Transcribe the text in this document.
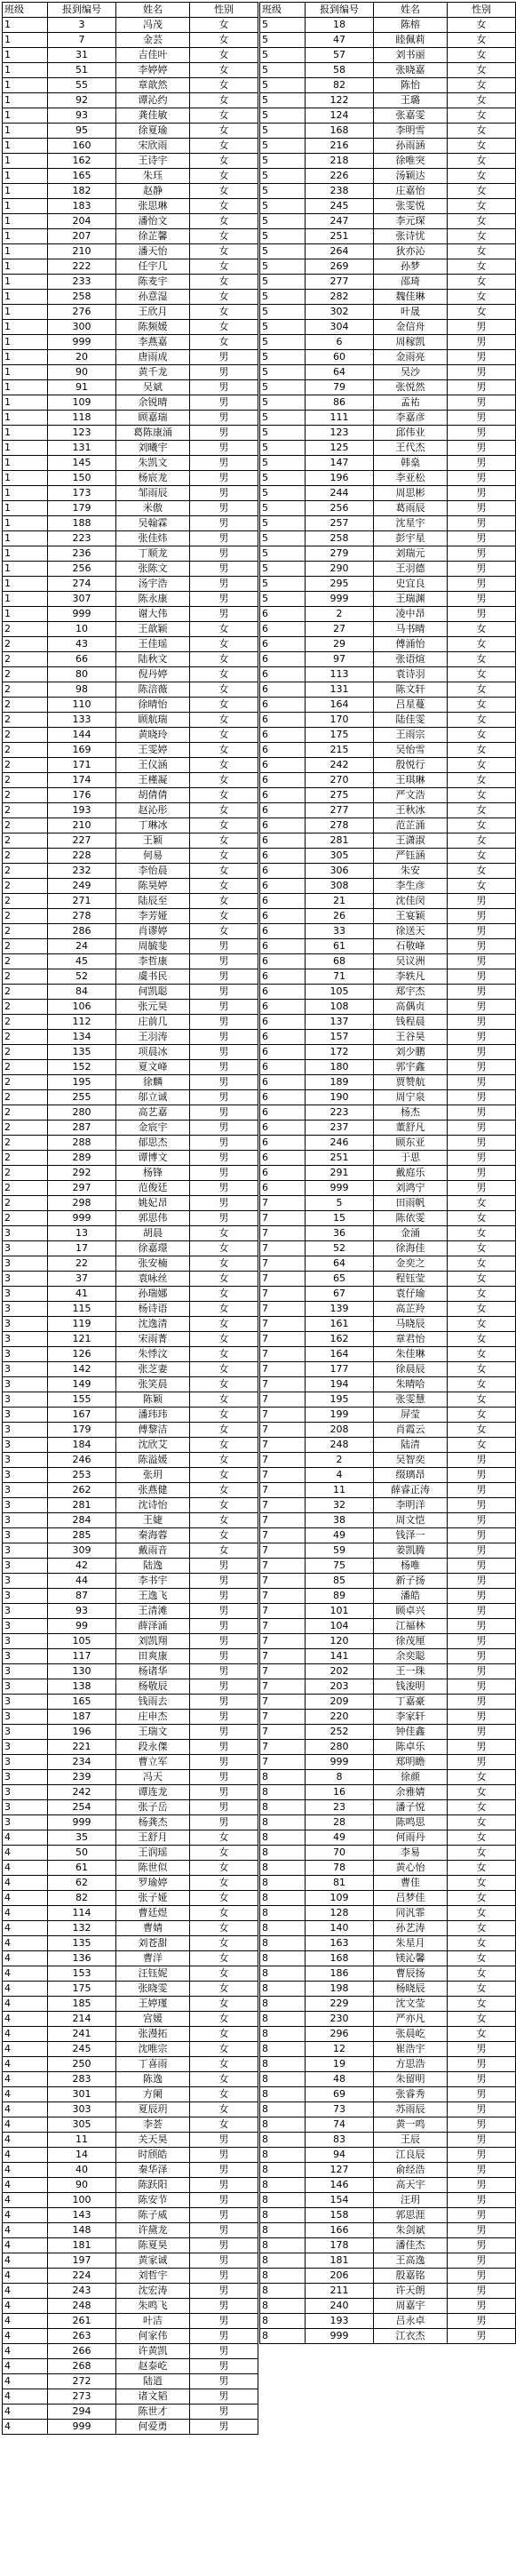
班级	报到编号	姓名	性别
1	3	冯茂	女
1	7	金芸	女
1	31	吉佳叶	女
1	51	李婷婷	女
1	55	章歆然	女
1	92	谭沁约	女
1	93	龚佳敏	女
1	95	徐夏瑜	女
1	160	宋欣雨	女
1	162	王诗宇	女
1	165	朱珏	女
1	182	赵静	女
1	183	张思琳	女
1	204	潘怡文	女
1	207	徐芷馨	女
1	210	潘天怡	女
1	222	任宇几	女
1	233	陈麦宇	女
1	258	孙意湿	女
1	276	王欣月	女
1	300	陈频媛	女
1	999	李燕嘉	女
1	20	唐雨成	男
1	90	黄千龙	男
1	91	吴斌	男
1	109	余锐晴	男
1	118	顾嘉瑞	男
1	123	葛陈康涌	男
1	131	刘曦宇	男
1	145	朱凯文	男
1	150	杨宸龙	男
1	173	邹雨辰	男
1	179	米傲	男
1	188	吴翰霖	男
1	223	张佳炜	男
1	236	丁顺龙	男
1	256	张陈文	男
1	274	汤宇浩	男
1	307	陈永康	男
1	999	谢大伟	男
2	10	王歆颖	女
2	43	王佳瑶	女
2	66	陆秋文	女
2	80	倪丹婷	女
2	98	陈涪薇	女
2	110	徐晴怡	女
2	133	顾航瑞	女
2	144	黄晓玲	女
2	169	王雯婷	女
2	171	王仪涵	女
2	174	王槿凝	女
2	176	胡倩倩	女
2	193	赵沁彤	女
2	210	丁琳冰	女
2	227	王颖	女
2	228	何易	女
2	232	李怡晨	女
2	249	陈昊婷	女
2	271	陆辰至	女
2	278	李芳娅	女
2	286	肖谬婷	女
2	24	周毓斐	男
2	45	李哲康	男
2	52	虞书民	男
2	84	何凯聪	男
2	106	张元昊	男
2	112	庄前几	男
2	134	王羽涛	男
2	135	项晨冰	男
2	152	夏文峰	男
2	195	徐麟	男
2	255	邬立诚	男
2	280	高艺嘉	男
2	287	金宸宇	男
2	288	郁思杰	男
2	289	谭博文	男
2	292	杨锋	男
2	297	范俊廷	男
2	298	姚妃昂	男
2	999	郭思伟	男
3	13	胡晨	女
3	17	徐嘉璟	女
3	22	张安楠	女
3	37	袁咏丝	女
3	41	孙瑞娜	女
3	115	杨诗语	女
3	119	沈逸清	女
3	121	宋雨菁	女
3	126	朱悸汶	女
3	142	张芝妻	女
3	149	张笑晨	女
3	155	陈颖	女
3	167	潘玮玮	女
3	179	傅黎洁	女
3	184	沈欣艾	女
3	246	陈溢媛	女
3	253	张玥	女
3	262	张燕健	女
3	281	沈诗怡	女
3	284	王婕	女
3	285	秦海蓉	女
3	309	戴雨音	女
3	42	陆逸	男
3	44	李书宇	男
3	87	王逸飞	男
3	93	王清滩	男
3	99	薛泽涌	男
3	105	刘凯翔	男
3	117	田爽康	男
3	130	杨诸华	男
3	138	杨敬辰	男
3	165	钱雨去	男
3	187	庄申杰	男
3	196	王瑞文	男
3	221	段永傑	男
3	234	曹立军	男
3	239	冯天	男
3	242	谭连龙	男
3	254	张子岳	男
3	999	杨龚杰	男
4	35	王舒月	女
4	50	王润瑶	女
4	61	陈世似	女
4	62	罗瑜婷	女
4	82	张子娅	女
4	114	曹廷煜	女
4	132	曹婧	女
4	135	刘苍甜	女
4	136	曹洋	女
4	153	汪钰妮	女
4	175	张晓雯	女
4	185	王婷瑾	女
4	214	宫媛	女
4	241	张漫拓	女
4	245	沈唯宗	女
4	250	丁喜雨	女
4	283	陈逸	女
4	301	方阑	女
4	303	夏辰玥	女
4	305	李荟	女
4	11	关天昊	男
4	14	时颀皓	男
4	40	秦华泽	男
4	90	陈跃阳	男
4	100	陈安节	男
4	143	陈子威	男
4	148	许黛龙	男
4	181	陈夏昊	男
4	197	黄家诚	男
4	224	刘哲宇	男
4	243	沈宏涛	男
4	248	朱鸣飞	男
4	261	叶洁	男
4	263	何家伟	男
4	266	许黄凯	男
4	268	赵泰屹	男
4	272	陆逍	男
4	273	诸文韬	男
4	294	陈世才	男
4	999	何爱勇	男
班级	报到编号	姓名	性别
5	18	陈榕	女
5	47	睦佩莉	女
5	57	刘书丽	女
5	58	张晓嘉	女
5	82	陈怡	女
5	122	王璐	女
5	124	张嘉雯	女
5	168	李明雪	女
5	216	孙雨涵	女
5	218	徐唯突	女
5	226	汤颖达	女
5	238	庄嘉怡	女
5	245	张雯悦	女
5	247	李元琛	女
5	251	张诗忧	女
5	264	狄亦沁	女
5	269	孙梦	女
5	277	邵琦	女
5	282	魏佳琳	女
5	302	叶晟	女
5	304	金信舟	男
5	6	周稼凯	男
5	60	金雨亮	男
5	64	吴沙	男
5	79	张悦然	男
5	86	孟祐	男
5	111	李嘉彦	男
5	123	邱伟业	男
5	125	王代杰	男
5	147	韩燊	男
5	196	李亚松	男
5	244	周思彬	男
5	256	葛雨辰	男
5	257	沈星宇	男
5	258	彭宇星	男
5	279	刘瑞元	男
5	290	王羽德	男
5	295	史宜良	男
5	999	王瑞渊	男
6	2	凌中昂	男
6	27	马书晴	女
6	29	傅涌怡	女
6	97	张语煊	女
6	113	袁诗羽	女
6	131	陈文轩	女
6	164	吕星蔓	女
6	170	陆佳雯	女
6	175	王雨宗	女
6	215	吴怡雪	女
6	242	殷悦行	女
6	270	王琪琳	女
6	275	严文浩	女
6	277	王秋冰	女
6	278	范芷涌	女
6	281	王潇淑	女
6	305	严钰涵	女
6	306	朱安	女
6	308	李生彦	女
6	21	沈佳闵	男
6	26	王宴颖	男
6	33	徐送天	男
6	61	石敬峰	男
6	68	吴议洲	男
6	71	李轶凡	男
6	105	郑宇杰	男
6	108	高偶贞	男
6	137	钱程晨	男
6	157	王谷昊	男
6	172	刘少鹏	男
6	180	郭宇鑫	男
6	189	贾赞航	男
6	190	周宁泉	男
6	223	杨杰	男
6	237	董舒凡	男
6	246	顾东亚	男
6	251	于思	男
6	291	戴庭乐	男
6	999	刘鸿宁	男
7	5	田雨帆	女
7	15	陈依雯	女
7	36	金涌	女
7	52	徐海佳	女
7	64	金奕之	女
7	65	程钰莹	女
7	67	袁仔瑜	女
7	139	高芷羚	女
7	161	马晓辰	女
7	162	章君怡	女
7	164	朱佳琳	女
7	177	徐晨辰	女
7	194	朱晴哈	女
7	195	张雯慧	女
7	199	屏莹	女
7	208	肖霞云	女
7	248	陆清	女
7	2	吴智奕	男
7	4	缀璃昂	男
7	11	薛睿正涛	男
7	32	李明洋	男
7	38	周文恺	男
7	49	钱泽一	男
7	59	姜凯腾	男
7	75	杨唯	男
7	85	新子扬	男
7	89	潘皓	男
7	101	顾卓兴	男
7	104	江福林	男
7	120	徐茂厘	男
7	141	余奕聪	男
7	202	王一珠	男
7	203	钱浚明	男
7	209	丁嘉豪	男
7	220	李家轩	男
7	252	钟佳鑫	男
7	280	陈卓乐	男
7	999	郑明瞻	男
8	8	徐颜	女
8	16	余雅婧	女
8	23	潘子悦	女
8	28	陈鸣思	女
8	49	何雨丹	女
8	70	李易	女
8	78	黄心怡	女
8	81	曹佳	女
8	109	吕梦佳	女
8	128	同汎霏	女
8	140	孙艺涛	女
8	163	朱星月	女
8	168	镁沁馨	女
8	186	曹辰扬	女
8	198	杨晓辰	女
8	229	沈文莹	女
8	230	严亦凡	女
8	296	张晨屹	女
8	12	崔浩宇	男
8	19	方思浩	男
8	48	朱留明	男
8	69	张睿秀	男
8	73	苏雨辰	男
8	74	黄一鸣	男
8	83	王辰	男
8	94	江良辰	男
8	127	俞经浩	男
8	146	高天宇	男
8	154	汪玥	男
8	158	郭思涯	男
8	166	朱剑斌	男
8	178	潘佳杰	男
8	181	王高逸	男
8	206	殷嘉铭	男
8	211	许天朗	男
8	240	周嘉宇	男
8	193	吕永卓	男
8	999	江衣杰	男
